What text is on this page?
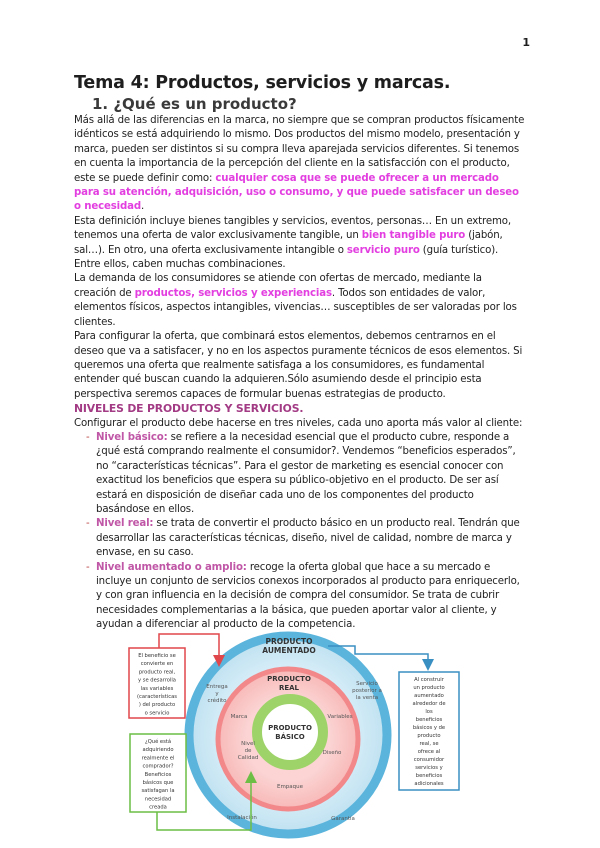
1
Tema 4: Productos, servicios y marcas.
1. ¿Qué es un producto?

Más allá de las diferencias en la marca, no siempre que se compran productos físicamente idénticos se está adquiriendo lo mismo. Dos productos del mismo modelo, presentación y marca, pueden ser distintos si su compra lleva aparejada servicios diferentes. Si tenemos en cuenta la importancia de la percepción del cliente en la satisfacción con el producto, este se puede definir como: cualquier cosa que se puede ofrecer a un mercado para su atención, adquisición, uso o consumo, y que puede satisfacer un deseo o necesidad.

Esta definición incluye bienes tangibles y servicios, eventos, personas… En un extremo, tenemos una oferta de valor exclusivamente tangible, un bien tangible puro (jabón, sal…). En otro, una oferta exclusivamente intangible o servicio puro (guía turístico). Entre ellos, caben muchas combinaciones.

La demanda de los consumidores se atiende con ofertas de mercado, mediante la creación de productos, servicios y experiencias. Todos son entidades de valor, elementos físicos, aspectos intangibles, vivencias… susceptibles de ser valoradas por los clientes.

Para configurar la oferta, que combinará estos elementos, debemos centrarnos en el deseo que va a satisfacer, y no en los aspectos puramente técnicos de esos elementos. Si queremos una oferta que realmente satisfaga a los consumidores, es fundamental entender qué buscan cuando la adquieren.Sólo asumiendo desde el principio esta perspectiva seremos capaces de formular buenas estrategias de producto.

NIVELES DE PRODUCTOS Y SERVICIOS.

Configurar el producto debe hacerse en tres niveles, cada uno aporta más valor al cliente:

- Nivel básico: se refiere a la necesidad esencial que el producto cubre, responde a ¿qué está comprando realmente el consumidor?. Vendemos “beneficios esperados”, no “características técnicas”. Para el gestor de marketing es esencial conocer con exactitud los beneficios que espera su público-objetivo en el producto. De ser así estará en disposición de diseñar cada uno de los componentes del producto basándose en ellos.

- Nivel real: se trata de convertir el producto básico en un producto real. Tendrán que desarrollar las características técnicas, diseño, nivel de calidad, nombre de marca y envase, en su caso.

- Nivel aumentado o amplio: recoge la oferta global que hace a su mercado e incluye un conjunto de servicios conexos incorporados al producto para enriquecerlo, y con gran influencia en la decisión de compra del consumidor. Se trata de cubrir necesidades complementarias a la básica, que pueden aportar valor al cliente, y ayudan a diferenciar al producto de la competencia.

PRODUCTO
AUMENTADO
PRODUCTO
REAL
PRODUCTO
BÁSICO
Entrega
y
crédito
Servicio
posterior a
la venta
Instalación	Garantía
Marca	Variables
Nivel
de
Calidad
Diseño
Empaque
El beneficio se
convierte en
producto real,
y se desarrolla
las variables
(características
) del producto
o servicio
¿Qué está
adquiriendo
realmente el
comprador?
Beneficios
básicos que
satisfagan la
necesidad
creada
Al construir
un producto
aumentado
alrededor de
los
beneficios
básicos y de
producto
real, se
ofrece al
consumidor
servicios y
beneficios
adicionales
